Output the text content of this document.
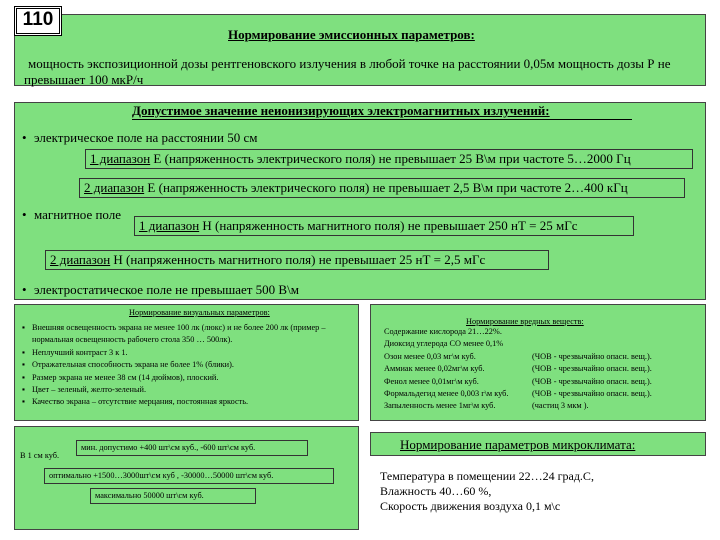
110
Нормирование эмиссионных параметров:
мощность экспозиционной дозы рентгеновского излучения в любой точке на расстоянии 0,05м мощность дозы Р не превышает 100 мкР/ч
Допустимое значение неионизирующих электромагнитных излучений:
• электрическое поле на расстоянии 50 см
1 диапазон E (напряженность электрического поля) не превышает 25 В\м при частоте 5…2000 Гц
2 диапазон E (напряженность электрического поля) не превышает 2,5 В\м при частоте 2…400 кГц
• магнитное поле
1 диапазон H (напряженность магнитного поля) не превышает 250 нТ = 25 мГс
2 диапазон H (напряженность магнитного поля) не превышает 25 нТ = 2,5 мГс
• электростатическое поле не превышает 500 В\м
Нормирование визуальных параметров:
▪ Внешняя освещенность экрана не менее 100 лк (люкс) и не более 200 лк (пример – нормальная освещенность рабочего стола 350 … 500лк).
▪ Неплучший контраст 3 к 1.
▪ Отражательная способность экрана не более 1% (блики).
▪ Размер экрана не менее 38 см (14 дюймов), плоский.
▪ Цвет – зеленый, желто-зеленый.
▪ Качество экрана – отсутствие мерцания, постоянная яркость.
Нормирование вредных веществ:
Содержание кислорода 21…22%.
Диоксид углерода СО менее 0,1%
Озон менее 0,03 мг\м куб.	(ЧОВ - чрезвычайно опасн. вещ.).
Аммиак менее 0,02мг\м куб.	(ЧОВ - чрезвычайно опасн. вещ.).
Фенол менее 0,01мг\м куб.	(ЧОВ - чрезвычайно опасн. вещ.).
Формальдегид менее 0,003 г\м куб.	(ЧОВ - чрезвычайно опасн. вещ.).
Запыленность менее 1мг\м куб.	(частиц 3 мкм ).
В 1 см куб.
мин. допустимо +400 шт\см куб., -600 шт\см куб.
оптимально +1500…3000шт\см куб , -30000…50000 шт\см куб.
максимально 50000 шт\см куб.
Нормирование параметров микроклимата:
Температура в помещении 22…24 град.С,
Влажность 40…60 %,
Скорость движения воздуха 0,1 м\с
